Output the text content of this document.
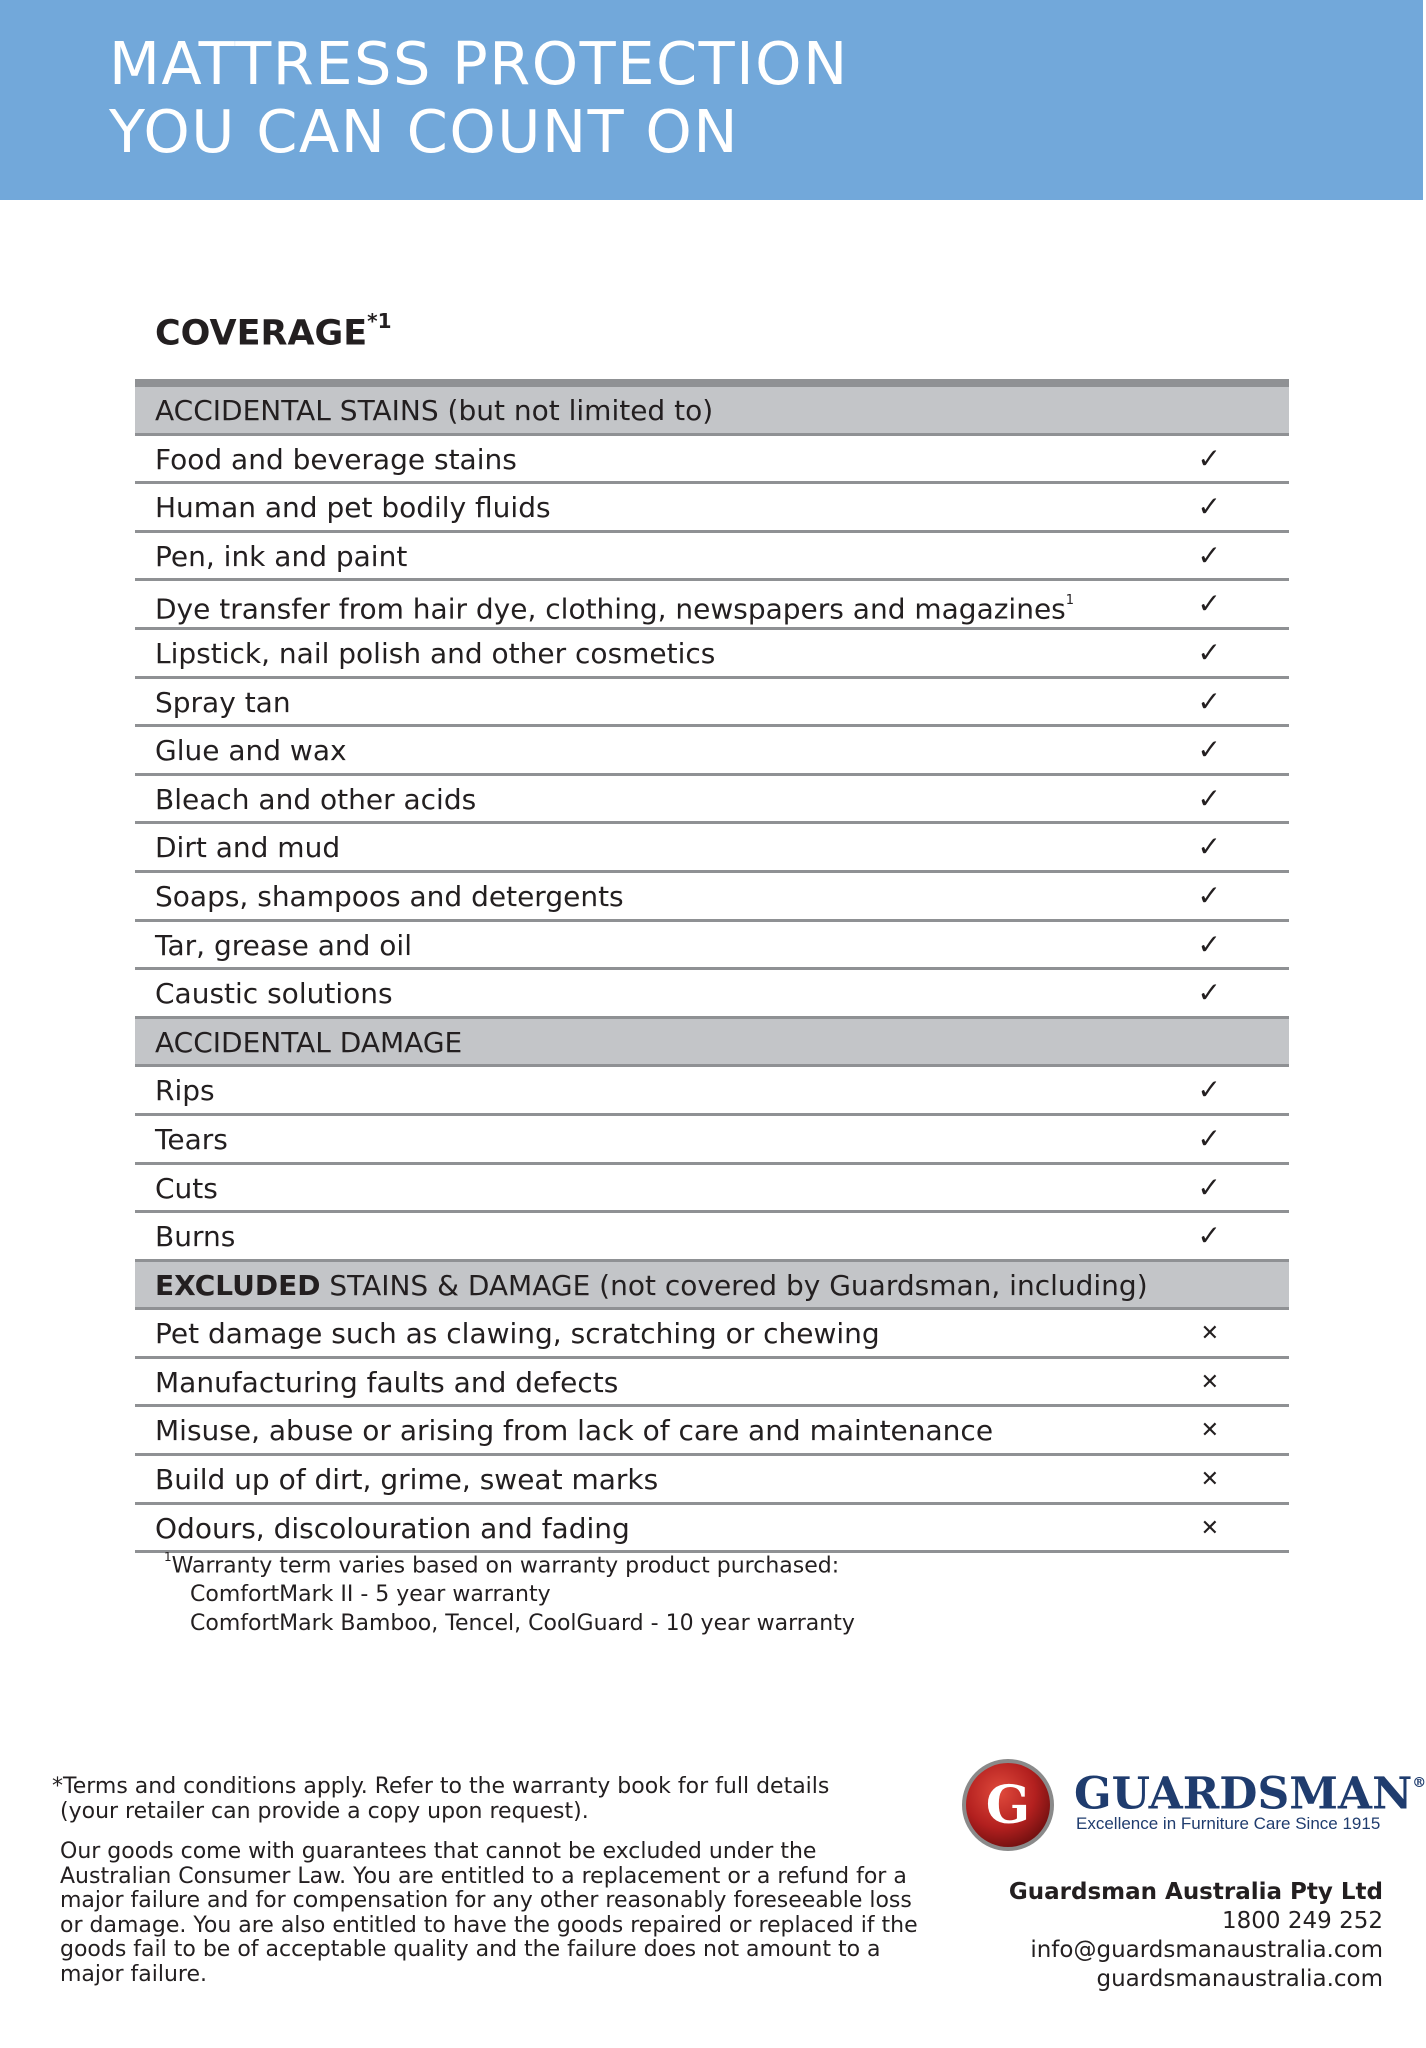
MATTRESS PROTECTION
YOU CAN COUNT ON
COVERAGE$^{*1}$
ACCIDENTAL STAINS (but not limited to)
Food and beverage stains	✓
Human and pet bodily fluids	✓
Pen, ink and paint	✓
Dye transfer from hair dye, clothing, newspapers and magazines$^1$	✓
Lipstick, nail polish and other cosmetics	✓
Spray tan	✓
Glue and wax	✓
Bleach and other acids	✓
Dirt and mud	✓
Soaps, shampoos and detergents	✓
Tar, grease and oil	✓
Caustic solutions	✓
ACCIDENTAL DAMAGE
Rips	✓
Tears	✓
Cuts	✓
Burns	✓
EXCLUDED STAINS & DAMAGE (not covered by Guardsman, including)
Pet damage such as clawing, scratching or chewing	✕
Manufacturing faults and defects	✕
Misuse, abuse or arising from lack of care and maintenance	✕
Build up of dirt, grime, sweat marks	✕
Odours, discolouration and fading	✕
$^1$Warranty term varies based on warranty product purchased:
ComfortMark II - 5 year warranty
ComfortMark Bamboo, Tencel, CoolGuard - 10 year warranty

*Terms and conditions apply. Refer to the warranty book for full details
(your retailer can provide a copy upon request).

Our goods come with guarantees that cannot be excluded under the Australian Consumer Law. You are entitled to a replacement or a refund for a major failure and for compensation for any other reasonably foreseeable loss or damage. You are also entitled to have the goods repaired or replaced if the goods fail to be of acceptable quality and the failure does not amount to a major failure.

G GUARDSMAN®
Excellence in Furniture Care Since 1915
Guardsman Australia Pty Ltd
1800 249 252
info@guardsmanaustralia.com
guardsmanaustralia.com
